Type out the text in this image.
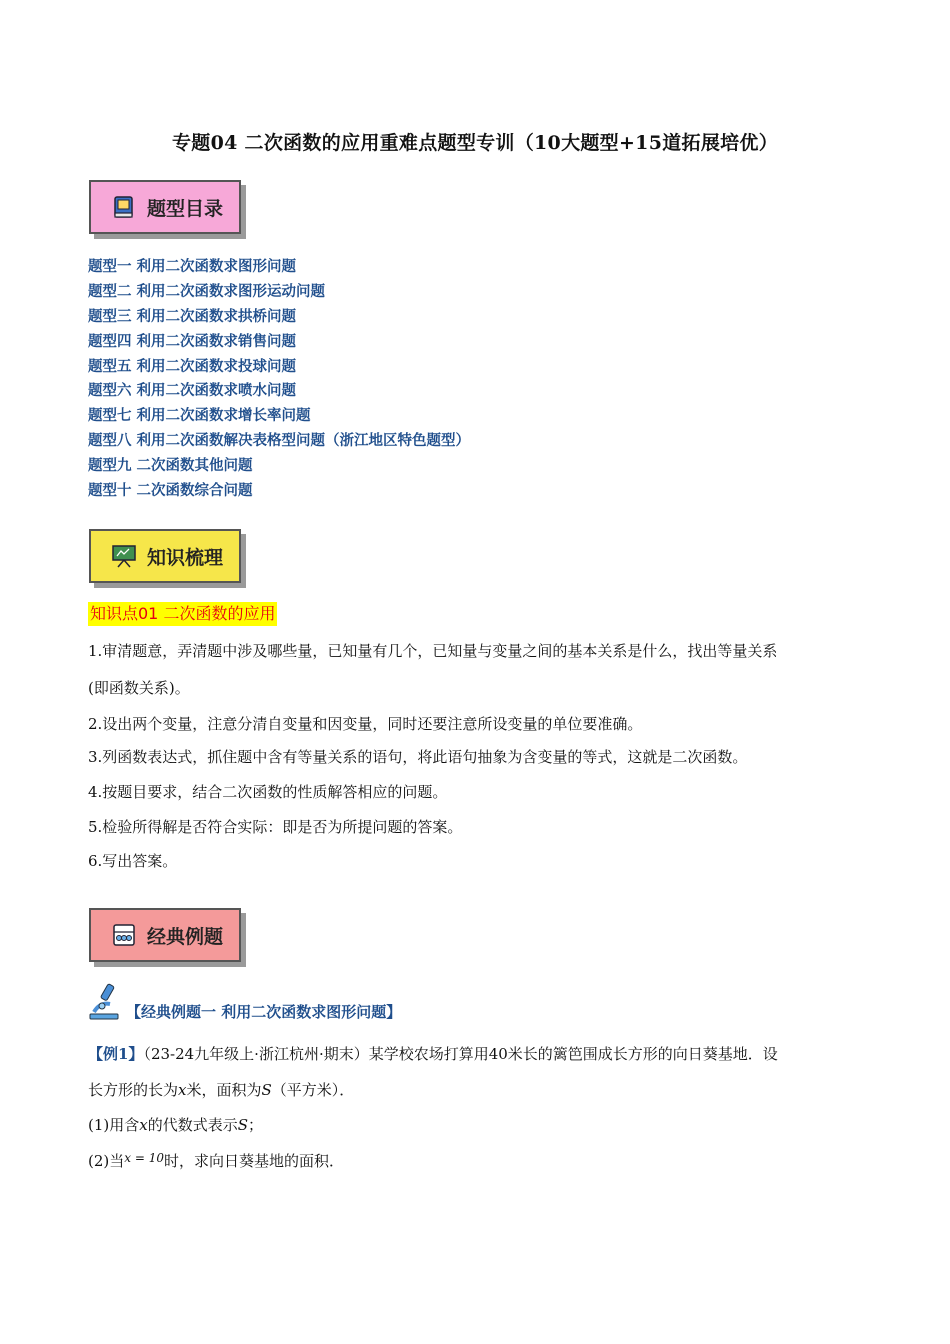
专题04 二次函数的应用重难点题型专训（10大题型+15道拓展培优）
题型目录
题型一 利用二次函数求图形问题
题型二 利用二次函数求图形运动问题
题型三 利用二次函数求拱桥问题
题型四 利用二次函数求销售问题
题型五 利用二次函数求投球问题
题型六 利用二次函数求喷水问题
题型七 利用二次函数求增长率问题
题型八 利用二次函数解决表格型问题（浙江地区特色题型）
题型九 二次函数其他问题
题型十 二次函数综合问题
知识梳理
知识点01 二次函数的应用
1.审清题意，弄清题中涉及哪些量，已知量有几个，已知量与变量之间的基本关系是什么，找出等量关系
(即函数关系)。
2.设出两个变量，注意分清自变量和因变量，同时还要注意所设变量的单位要准确。
3.列函数表达式，抓住题中含有等量关系的语句，将此语句抽象为含变量的等式，这就是二次函数。
4.按题目要求，结合二次函数的性质解答相应的问题。
5.检验所得解是否符合实际：即是否为所提问题的答案。
6.写出答案。
经典例题
【经典例题一 利用二次函数求图形问题】
【例1】（23-24九年级上·浙江杭州·期末）某学校农场打算用40米长的篱笆围成长方形的向日葵基地．设
长方形的长为x米，面积为S（平方米）．
(1)用含x的代数式表示S；
(2)当$^{x = 10}$时，求向日葵基地的面积．
